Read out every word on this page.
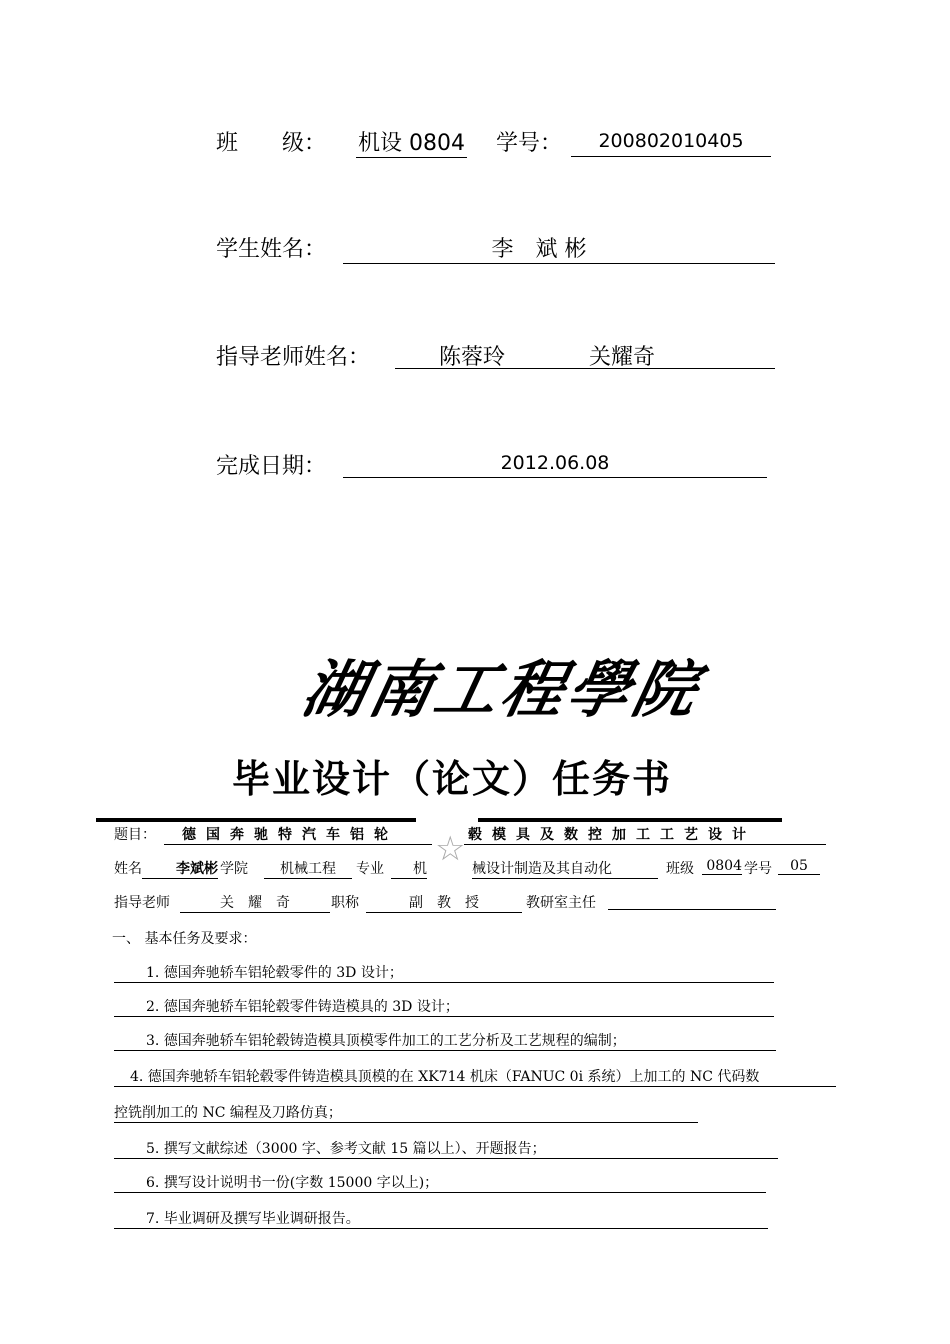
班　　级： 机设 0804 学号：	200802010405
学生姓名：	李　斌 彬
指导老师姓名：	陈蓉玲	关耀奇
完成日期：	2012.06.08
湖南工程學院
毕业设计（论文）任务书
题目：	德国奔驰特汽车铝轮	☆ 毂模具及数控加工工艺设计
姓名	李斌彬 学院	机械工程	专业	机	械设计制造及其自动化	班级 0804 学号	05
指导老师	关　耀　奇	职称	副　教　授	教研室主任
一、 基本任务及要求：
1. 德国奔驰轿车铝轮毂零件的 3D 设计；
2. 德国奔驰轿车铝轮毂零件铸造模具的 3D 设计；
3. 德国奔驰轿车铝轮毂铸造模具顶模零件加工的工艺分析及工艺规程的编制；
4. 德国奔驰轿车铝轮毂零件铸造模具顶模的在 XK714 机床（FANUC 0i 系统）上加工的 NC 代码数
控铣削加工的 NC 编程及刀路仿真；
5. 撰写文献综述（3000 字、参考文献 15 篇以上）、开题报告；
6. 撰写设计说明书一份(字数 15000 字以上)；
7. 毕业调研及撰写毕业调研报告。
